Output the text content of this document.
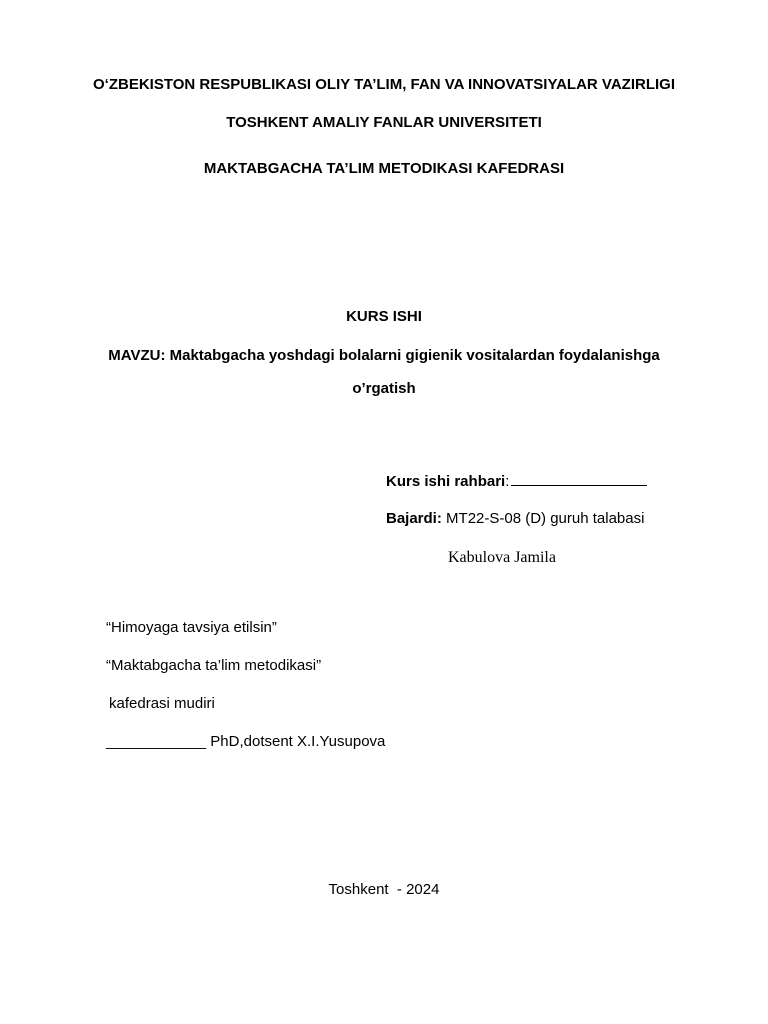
O‘ZBEKISTON RESPUBLIKASI OLIY TA’LIM, FAN VA INNOVATSIYALAR VAZIRLIGI
TOSHKENT AMALIY FANLAR UNIVERSITETI
MAKTABGACHA TA’LIM METODIKASI KAFEDRASI
KURS ISHI
MAVZU: Maktabgacha yoshdagi bolalarni gigienik vositalardan foydalanishga
o’rgatish
Kurs ishi rahbari:
Bajardi: MT22-S-08 (D) guruh talabasi
Kabulova Jamila
“Himoyaga tavsiya etilsin”
“Maktabgacha ta’lim metodikasi”
kafedrasi mudiri
____________ PhD,dotsent X.I.Yusupova
Toshkent  - 2024
